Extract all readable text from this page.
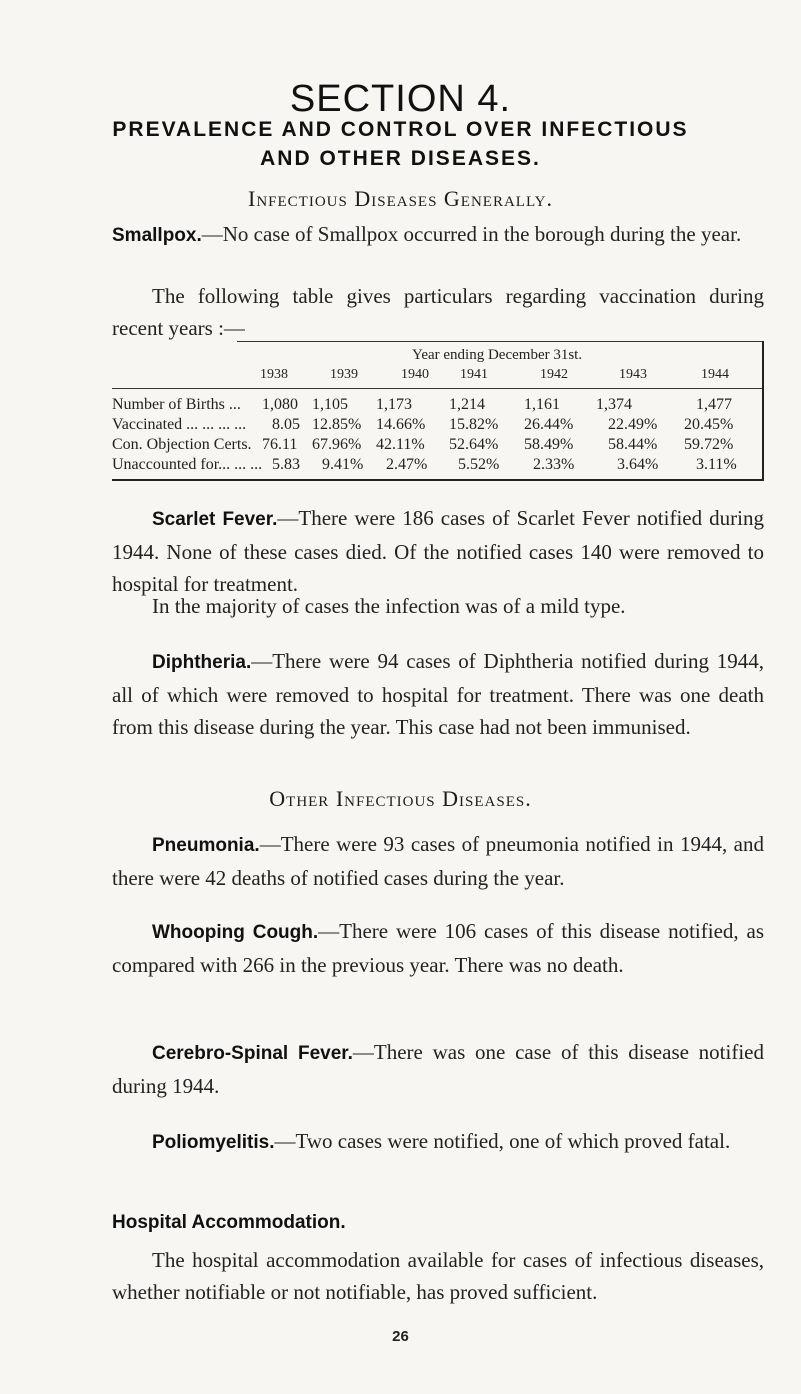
SECTION 4.
PREVALENCE AND CONTROL OVER INFECTIOUS
AND OTHER DISEASES.
Infectious Diseases Generally.
Smallpox.—No case of Smallpox occurred in the borough during the year.
The following table gives particulars regarding vaccination during recent years :—
Year ending December 31st.
1938	1939	1940 1941	1942	1943	1944
Number of Births ... 1,080 1,105 1,173 1,214 1,161 1,374	1,477
Vaccinated ... ... ... ... 8.05 12.85% 14.66% 15.82% 26.44% 22.49% 20.45%
Con. Objection Certs. 76.11 67.96% 42.11% 52.64% 58.49% 58.44% 59.72%
Unaccounted for... ... ... 5.83 9.41% 2.47% 5.52% 2.33%	3.64% 3.11%
Scarlet Fever.—There were 186 cases of Scarlet Fever notified during 1944. None of these cases died. Of the notified cases 140 were removed to hospital for treatment.
In the majority of cases the infection was of a mild type.
Diphtheria.—There were 94 cases of Diphtheria notified during 1944, all of which were removed to hospital for treatment. There was one death from this disease during the year. This case had not been immunised.
Other Infectious Diseases.
Pneumonia.—There were 93 cases of pneumonia notified in 1944, and there were 42 deaths of notified cases during the year.
Whooping Cough.—There were 106 cases of this disease notified, as compared with 266 in the previous year. There was no death.
Cerebro-Spinal Fever.—There was one case of this disease notified during 1944.
Poliomyelitis.—Two cases were notified, one of which proved fatal.
Hospital Accommodation.
The hospital accommodation available for cases of infectious diseases, whether notifiable or not notifiable, has proved sufficient.
26
